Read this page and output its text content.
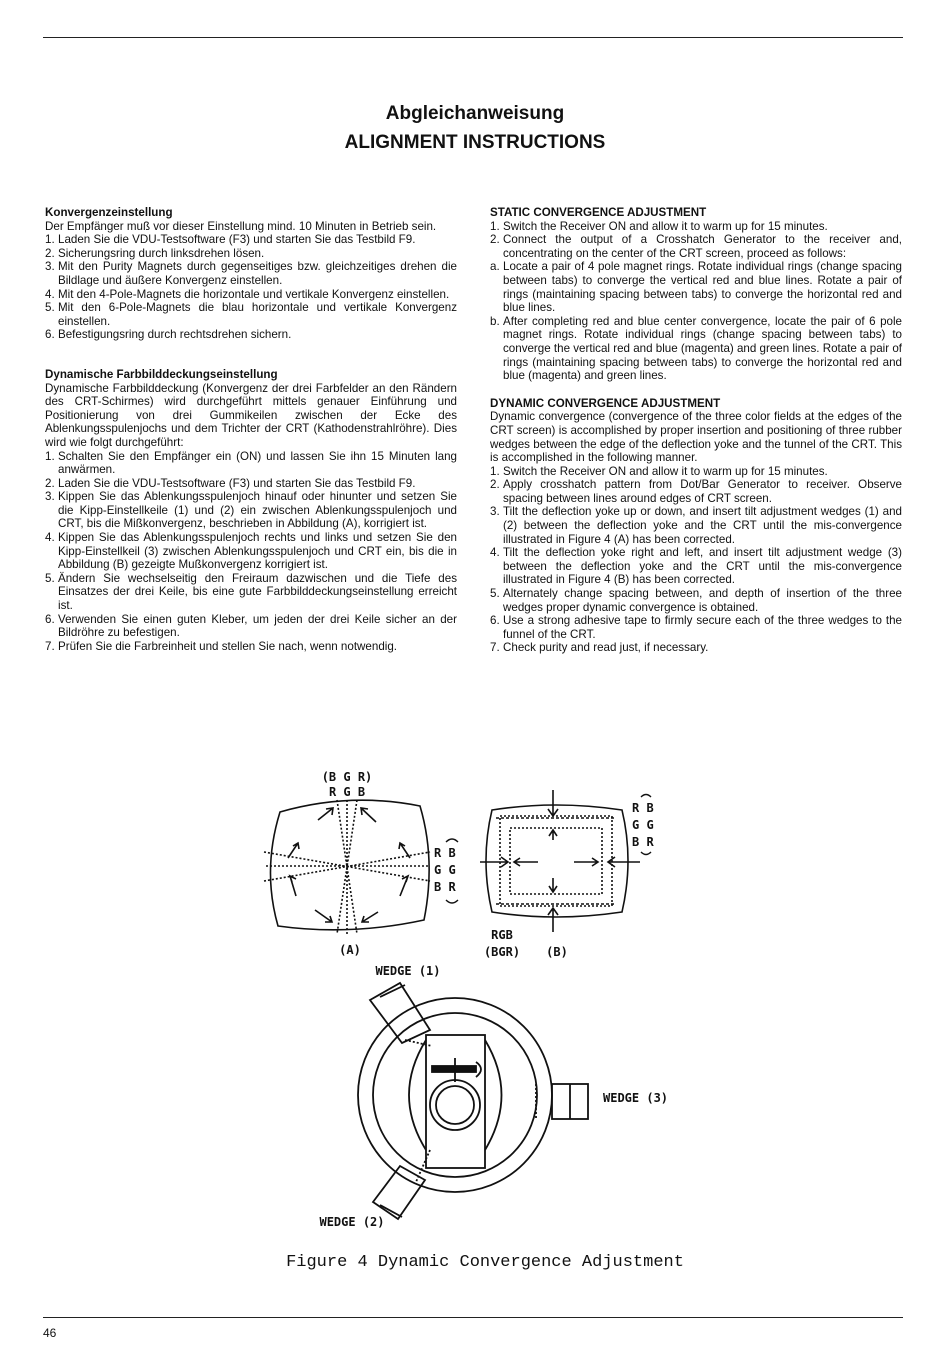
Abgleichanweisung
ALIGNMENT INSTRUCTIONS
Konvergenzeinstellung
Der Empfänger muß vor dieser Einstellung mind. 10 Minuten in Betrieb sein.
1. Laden Sie die VDU-Testsoftware (F3) und starten Sie das Testbild F9.
2. Sicherungsring durch linksdrehen lösen.
3. Mit den Purity Magnets durch gegenseitiges bzw. gleichzeitiges drehen die Bildlage und äußere Konvergenz einstellen.
4. Mit den 4-Pole-Magnets die horizontale und vertikale Konvergenz einstellen.
5. Mit den 6-Pole-Magnets die blau horizontale und vertikale Konvergenz einstellen.
6. Befestigungsring durch rechtsdrehen sichern.
Dynamische Farbbilddeckungseinstellung
Dynamische Farbbilddeckung (Konvergenz der drei Farbfelder an den Rändern des CRT-Schirmes) wird durchgeführt mittels genauer Einführung und Positionierung von drei Gummikeilen zwischen der Ecke des Ablenkungsspulenjochs und dem Trichter der CRT (Kathodenstrahlröhre). Dies wird wie folgt durchgeführt:
1. Schalten Sie den Empfänger ein (ON) und lassen Sie ihn 15 Minuten lang anwärmen.
2. Laden Sie die VDU-Testsoftware (F3) und starten Sie das Testbild F9.
3. Kippen Sie das Ablenkungsspulenjoch hinauf oder hinunter und setzen Sie die Kipp-Einstellkeile (1) und (2) ein zwischen Ablenkungsspulenjoch und CRT, bis die Mißkonvergenz, beschrieben in Abbildung (A), korrigiert ist.
4. Kippen Sie das Ablenkungsspulenjoch rechts und links und setzen Sie den Kipp-Einstellkeil (3) zwischen Ablenkungsspulenjoch und CRT ein, bis die in Abbildung (B) gezeigte Mußkonvergenz korrigiert ist.
5. Ändern Sie wechselseitig den Freiraum dazwischen und die Tiefe des Einsatzes der drei Keile, bis eine gute Farbbilddeckungseinstellung erreicht ist.
6. Verwenden Sie einen guten Kleber, um jeden der drei Keile sicher an der Bildröhre zu befestigen.
7. Prüfen Sie die Farbreinheit und stellen Sie nach, wenn notwendig.
STATIC CONVERGENCE ADJUSTMENT
1. Switch the Receiver ON and allow it to warm up for 15 minutes.
2. Connect the output of a Crosshatch Generator to the receiver and, concentrating on the center of the CRT screen, proceed as follows:
a. Locate a pair of 4 pole magnet rings. Rotate individual rings (change spacing between tabs) to converge the vertical red and blue lines. Rotate a pair of rings (maintaining spacing between tabs) to converge the horizontal red and blue lines.
b. After completing red and blue center convergence, locate the pair of 6 pole magnet rings. Rotate individual rings (change spacing between tabs) to converge the vertical red and blue (magenta) and green lines. Rotate a pair of rings (maintaining spacing between tabs) to converge the horizontal red and blue (magenta) and green lines.
DYNAMIC CONVERGENCE ADJUSTMENT
Dynamic convergence (convergence of the three color fields at the edges of the CRT screen) is accomplished by proper insertion and positioning of three rubber wedges between the edge of the deflection yoke and the tunnel of the CRT. This is accomplished in the following manner.
1. Switch the Receiver ON and allow it to warm up for 15 minutes.
2. Apply crosshatch pattern from Dot/Bar Generator to receiver. Observe spacing between lines around edges of CRT screen.
3. Tilt the deflection yoke up or down, and insert tilt adjustment wedges (1) and (2) between the deflection yoke and the CRT until the mis-convergence illustrated in Figure 4 (A) has been corrected.
4. Tilt the deflection yoke right and left, and insert tilt adjustment wedge (3) between the deflection yoke and the CRT until the mis-convergence illustrated in Figure 4 (B) has been corrected.
5. Alternately change spacing between, and depth of insertion of the three wedges proper dynamic convergence is obtained.
6. Use a strong adhesive tape to firmly secure each of the three wedges to the funnel of the CRT.
7. Check purity and read just, if necessary.
(B G R)
R G B
R B
G G
B R
(A)
R B
G G
B R
RGB
(BGR) (B)
WEDGE (1)
WEDGE (3)
WEDGE (2)
Figure 4 Dynamic Convergence Adjustment
46
